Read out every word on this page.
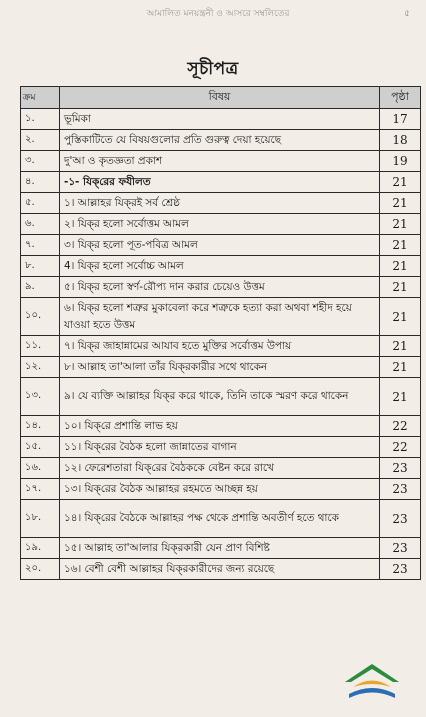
আমালিত মনয়ন্ত্রনী ও আসরে সম্বলিতের	৫
সূচীপত্র
ক্রম	বিষয়	পৃষ্ঠা
১.	ভূমিকা	17
২.	পুস্তিকাটিতে যে বিষয়গুলোর প্রতি গুরুত্ব দেয়া হয়েছে	18
৩.	দু'আ ও কৃতজ্ঞতা প্রকাশ	19
৪.	-১- যিক্‌রের ফযীলত	21
৫.	১। আল্লাহর যিক্‌রই সর্ব শ্রেষ্ঠ	21
৬.	২। যিক্‌র হলো সর্বোত্তম আমল	21
৭.	৩। যিক্‌র হলো পূত-পবিত্র আমল	21
৮.	4। যিক্‌র হলো সর্বোচ্চ আমল	21
৯.	৫। যিক্‌র হলো স্বর্ণ-রৌপ্য দান করার চেয়েও উত্তম	21
১০.	৬। যিক্‌র হলো শত্রুর মুকাবেলা করে শত্রুকে হত্যা করা অথবা শহীদ হয়ে যাওয়া হতে উত্তম	21
১১.	৭। যিক্‌র জাহান্নামের আযাব হতে মুক্তির সর্বোত্তম উপায়	21
১২.	৮। আল্লাহ তা'আলা তাঁর যিক্‌রকারীর সথে থাকেন	21
১৩.	৯। যে ব্যক্তি আল্লাহর যিক্‌র করে থাকে, তিনি তাকে স্মরণ করে থাকেন	21
১৪.	১০। যিক্‌রে প্রশান্তি লাভ হয়	22
১৫.	১১। যিক্‌রের বৈঠক হলো জান্নাতের বাগান	22
১৬.	১২। ফেরেশতারা যিক্‌রের বৈঠককে বেষ্টন করে রাখে	23
১৭.	১৩। যিক্‌রের বৈঠক আল্লাহর রহমতে আচ্ছন্ন হয়	23
১৮.	১৪। যিক্‌রের বৈঠকে আল্লাহর পক্ষ থেকে প্রশান্তি অবতীর্ণ হতে থাকে	23
১৯.	১৫। আল্লাহ তা'আলার যিক্‌রকারী যেন প্রাণ বিশিষ্ট	23
২০.	১৬। বেশী বেশী আল্লাহর যিক্‌রকারীদের জন্য রয়েছে	23
